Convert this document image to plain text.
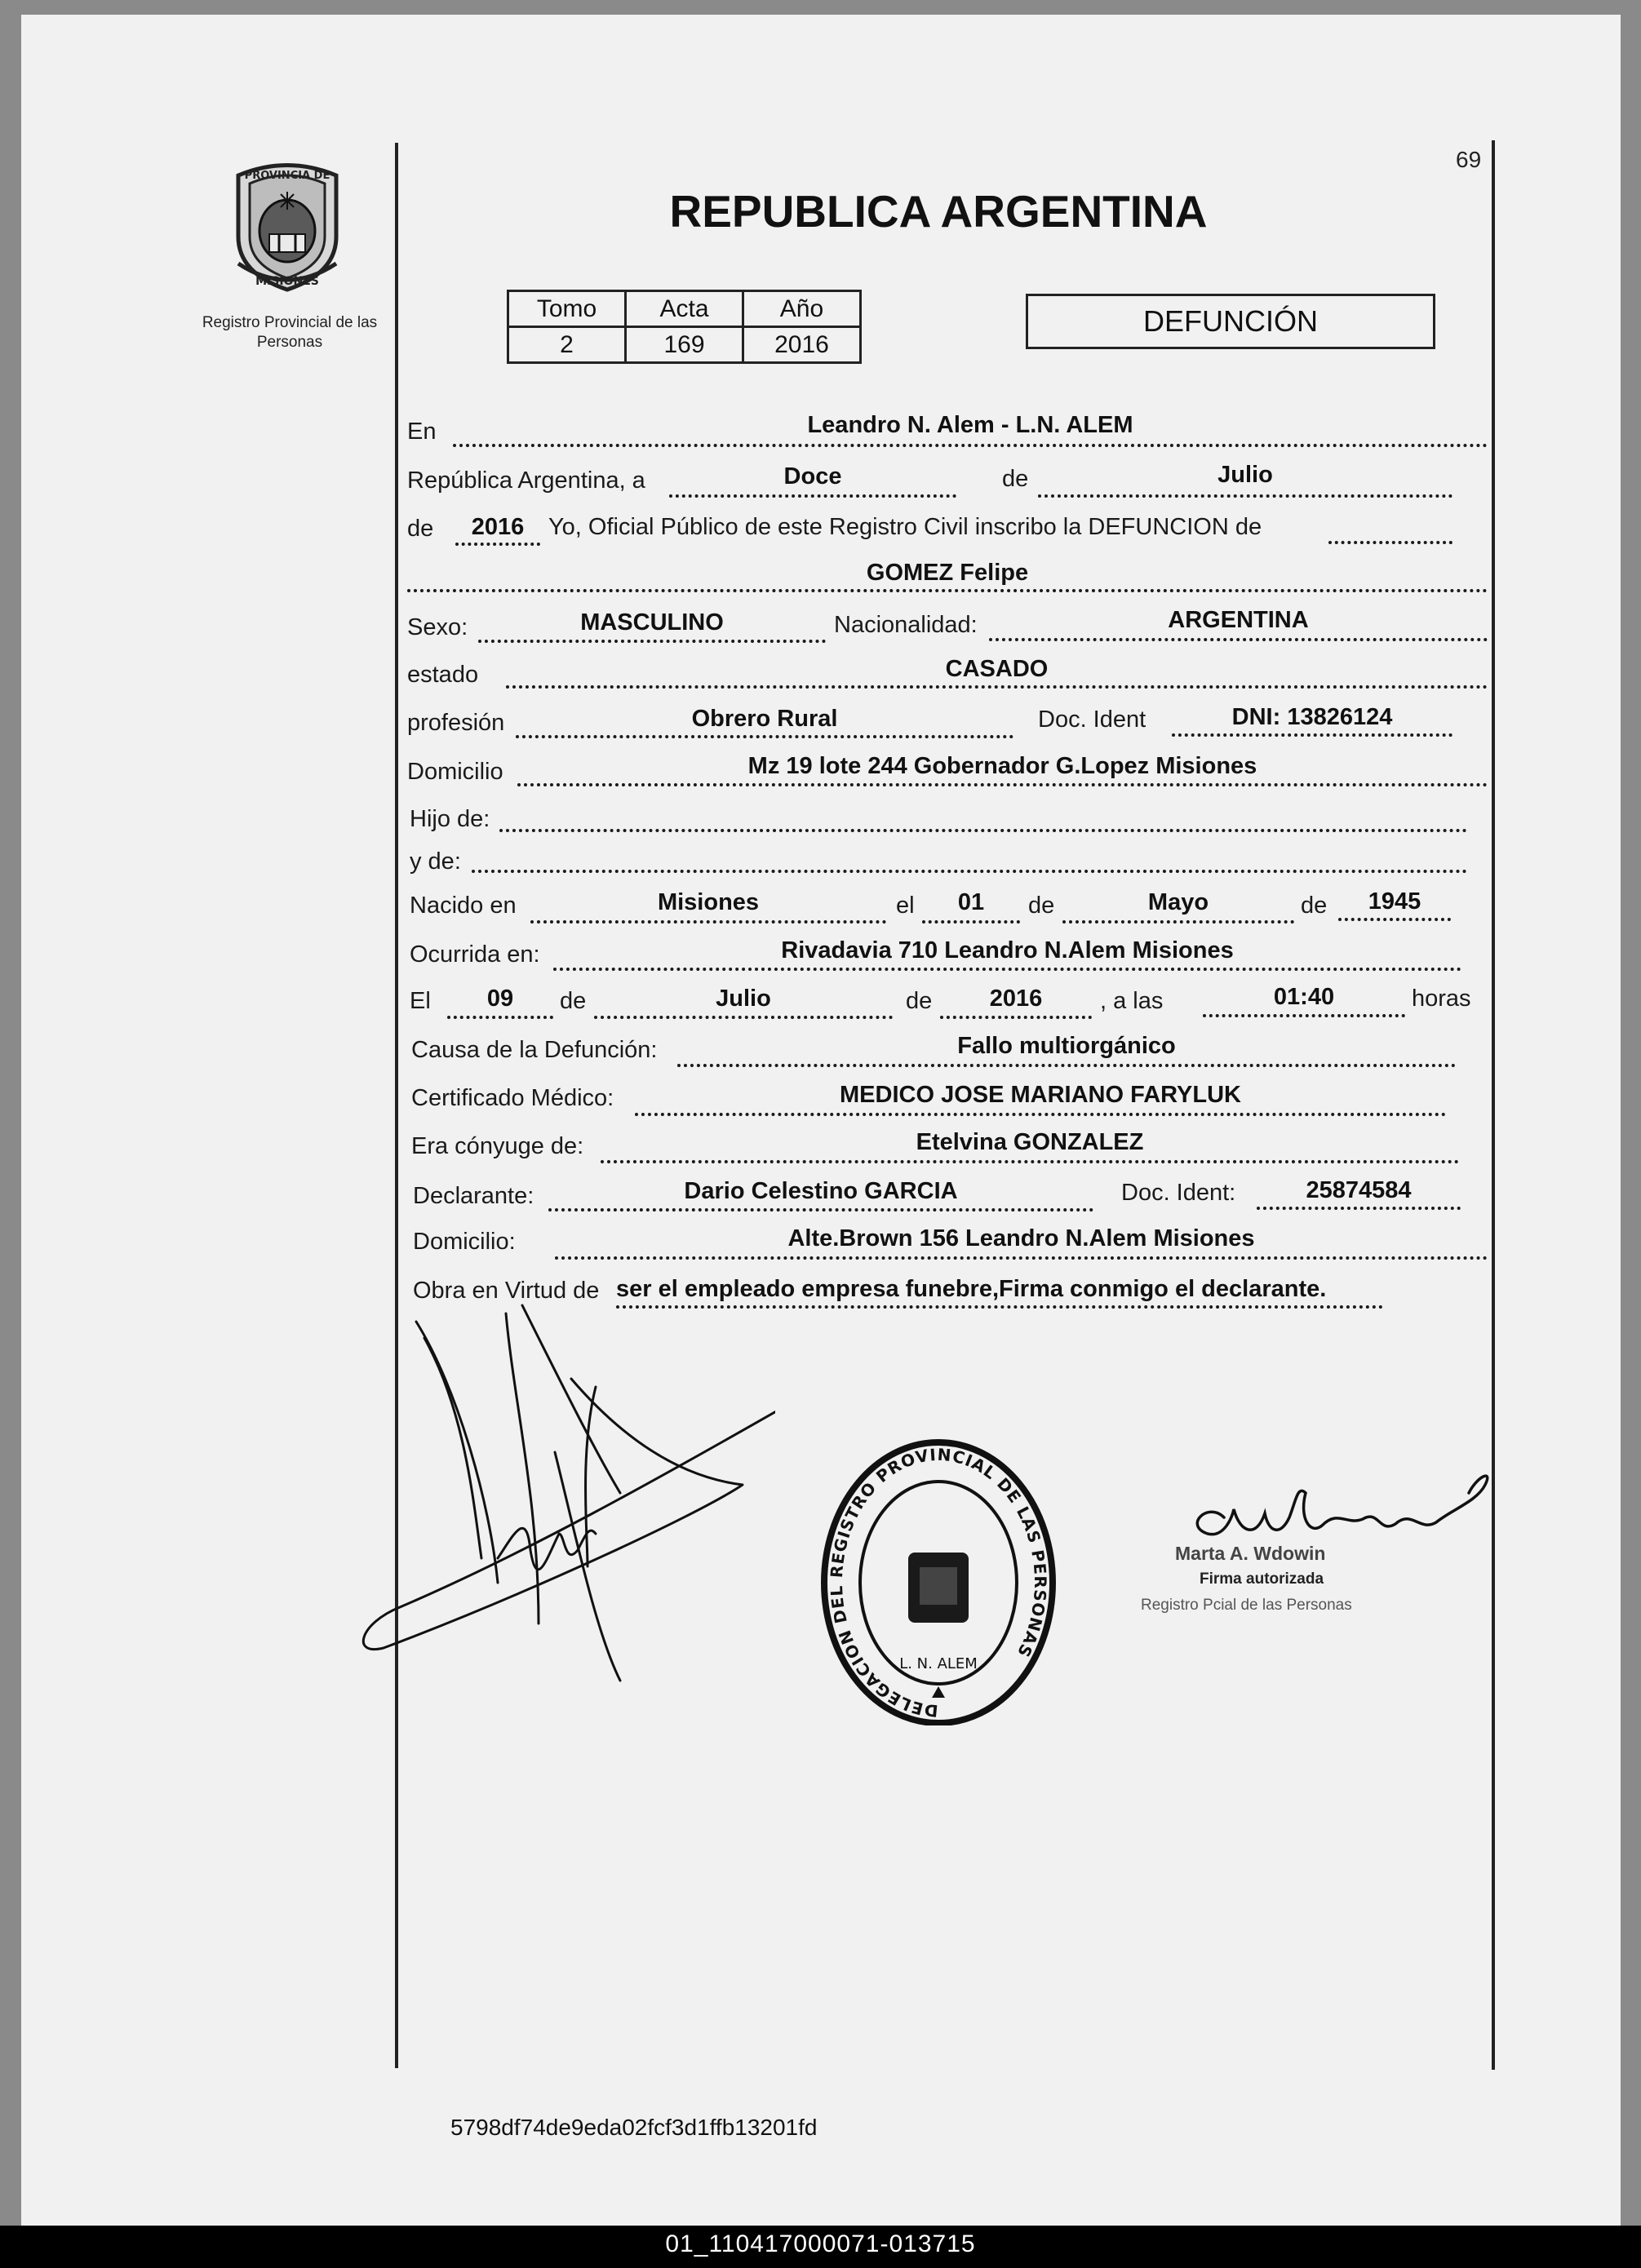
PROVINCIA DE
MISIONES
Registro Provincial de las Personas
69
REPUBLICA ARGENTINA
Tomo	Acta	Año
2	169	2016
DEFUNCIÓN
En	Leandro N. Alem - L.N. ALEM
República Argentina, a	Doce	de	Julio
de	2016	Yo, Oficial Público de este Registro Civil inscribo la DEFUNCION de
GOMEZ Felipe
Sexo:	MASCULINO	Nacionalidad:	ARGENTINA
estado	CASADO
profesión	Obrero Rural	Doc. Ident	DNI: 13826124
Domicilio	Mz 19 lote 244 Gobernador G.Lopez Misiones
Hijo de:
y de:
Nacido en	Misiones	el	01	de	Mayo	de	1945
Ocurrida en:	Rivadavia 710 Leandro N.Alem Misiones
El	09	de	Julio	de	2016	, a las	01:40	horas
Causa de la Defunción:	Fallo multiorgánico
Certificado Médico:	MEDICO JOSE MARIANO FARYLUK
Era cónyuge de:	Etelvina GONZALEZ
Declarante:	Dario Celestino GARCIA	Doc. Ident:	25874584
Domicilio:	Alte.Brown 156 Leandro N.Alem Misiones
Obra en Virtud de ser el empleado empresa funebre,Firma conmigo el declarante.
DELEGACION DEL REGISTRO PROVINCIAL DE LAS PERSONAS
L. N. ALEM
Marta A. Wdowin
Firma autorizada
Registro Pcial de las Personas
5798df74de9eda02fcf3d1ffb13201fd
01_110417000071-013715
